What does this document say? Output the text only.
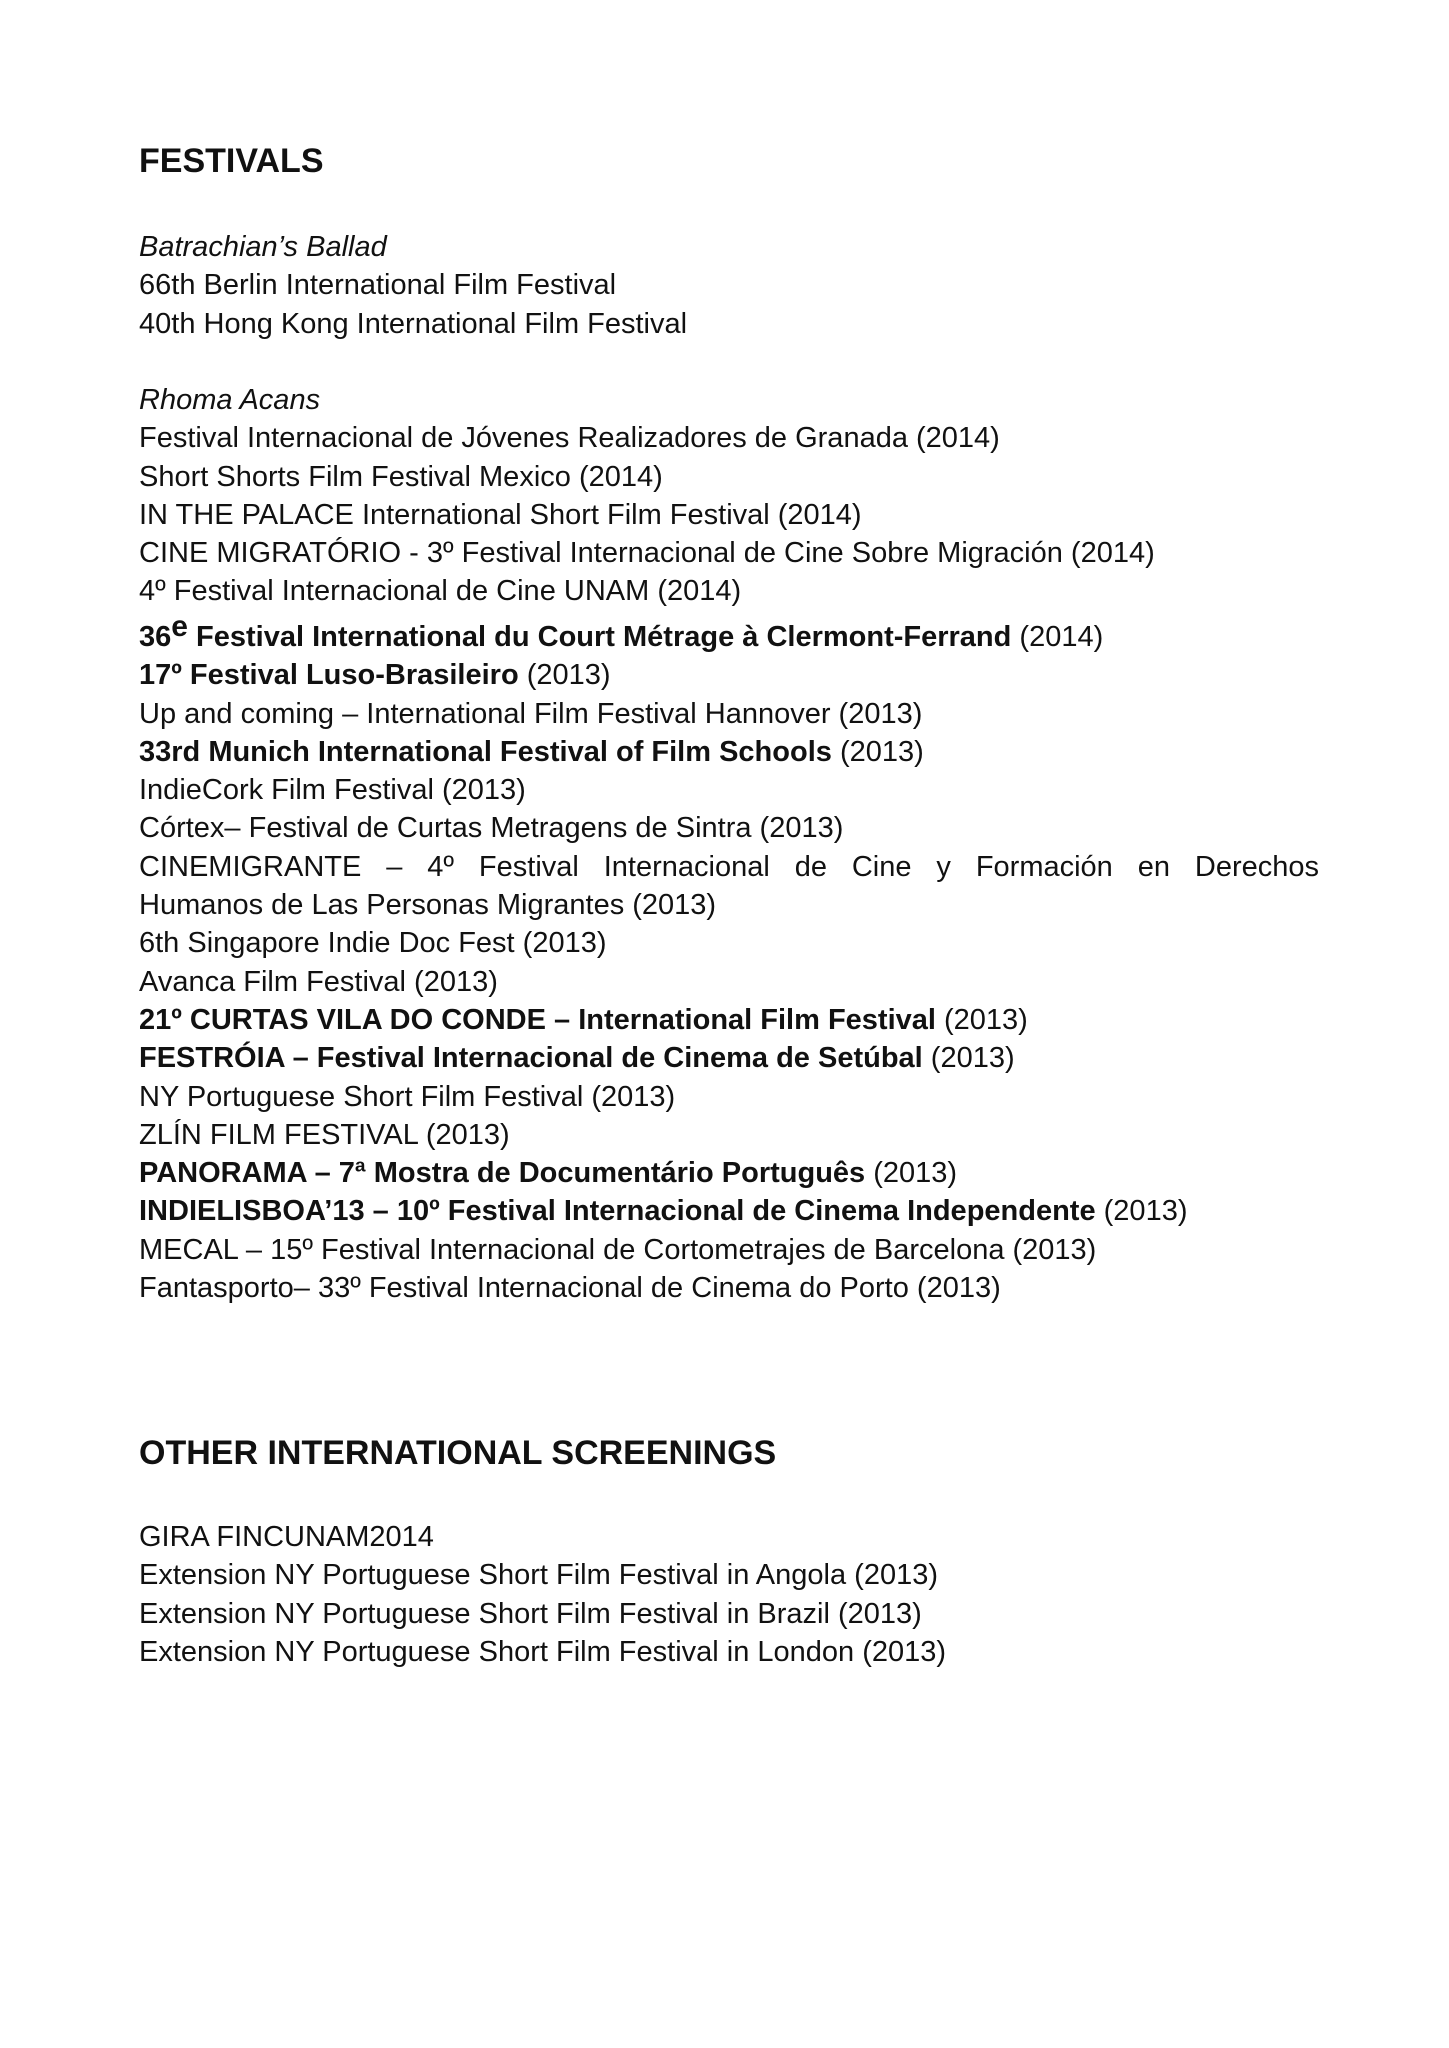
FESTIVALS
Batrachian’s Ballad
66th Berlin International Film Festival
40th Hong Kong International Film Festival
Rhoma Acans
Festival Internacional de Jóvenes Realizadores de Granada (2014)
Short Shorts Film Festival Mexico (2014)
IN THE PALACE International Short Film Festival (2014)
CINE MIGRATÓRIO - 3º Festival Internacional de Cine Sobre Migración (2014)
4º Festival Internacional de Cine UNAM (2014)
36e Festival International du Court Métrage à Clermont-Ferrand (2014)
17º Festival Luso-Brasileiro (2013)
Up and coming – International Film Festival Hannover (2013)
33rd Munich International Festival of Film Schools (2013)
IndieCork Film Festival (2013)
Córtex– Festival de Curtas Metragens de Sintra (2013)
CINEMIGRANTE – 4º Festival Internacional de Cine y Formación en Derechos
Humanos de Las Personas Migrantes (2013)
6th Singapore Indie Doc Fest (2013)
Avanca Film Festival (2013)
21º CURTAS VILA DO CONDE – International Film Festival (2013)
FESTRÓIA – Festival Internacional de Cinema de Setúbal (2013)
NY Portuguese Short Film Festival (2013)
ZLÍN FILM FESTIVAL (2013)
PANORAMA – 7ª Mostra de Documentário Português (2013)
INDIELISBOA’13 – 10º Festival Internacional de Cinema Independente (2013)
MECAL – 15º Festival Internacional de Cortometrajes de Barcelona (2013)
Fantasporto– 33º Festival Internacional de Cinema do Porto (2013)
OTHER INTERNATIONAL SCREENINGS
GIRA FINCUNAM2014
Extension NY Portuguese Short Film Festival in Angola (2013)
Extension NY Portuguese Short Film Festival in Brazil (2013)
Extension NY Portuguese Short Film Festival in London (2013)
